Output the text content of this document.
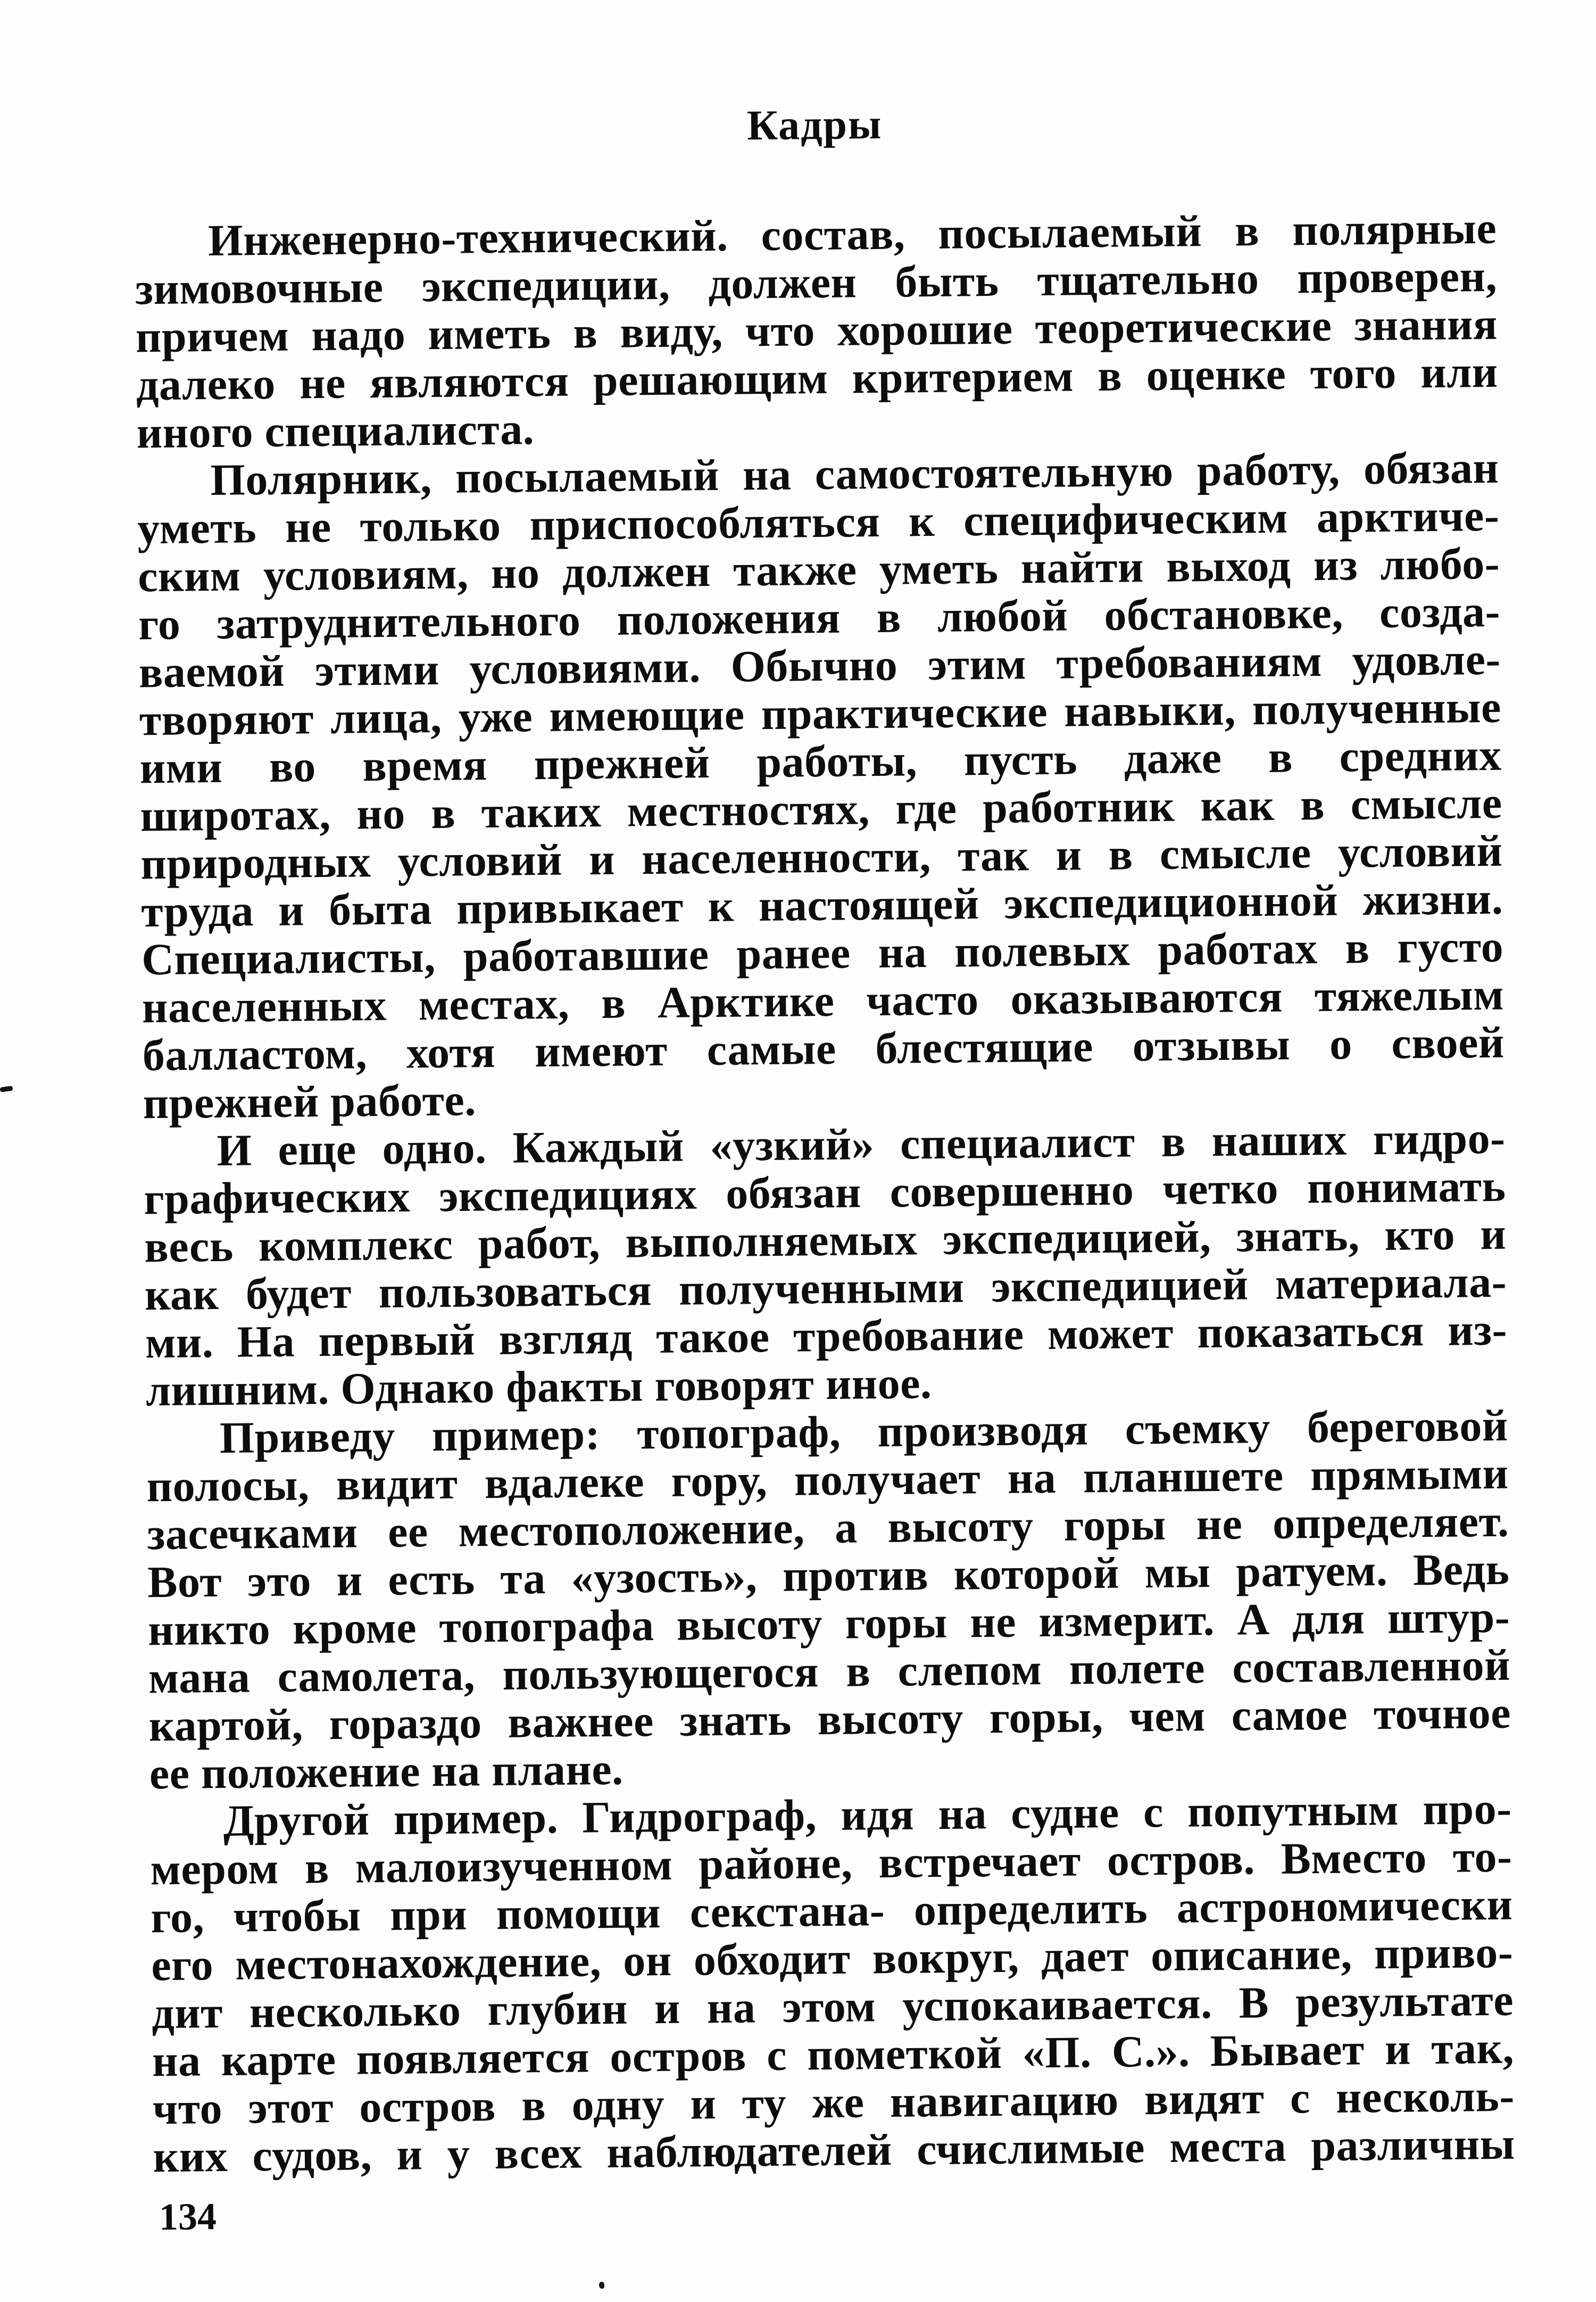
Кадры

Инженерно-технический. состав, посылаемый в полярные
зимовочные экспедиции, должен быть тщательно проверен,
причем надо иметь в виду, что хорошие теоретические знания
далеко не являются решающим критерием в оценке того или
иного специалиста.

Полярник, посылаемый на самостоятельную работу, обязан
уметь не только приспособляться к специфическим арктиче-
ским условиям, но должен также уметь найти выход из любо-
го затруднительного положения в любой обстановке, созда-
ваемой этими условиями. Обычно этим требованиям удовле-
творяют лица, уже имеющие практические навыки, полученные
ими во время прежней работы, пусть даже в средних
широтах, но в таких местностях, где работник как в смысле
природных условий и населенности, так и в смысле условий
труда и быта привыкает к настоящей экспедиционной жизни.
Специалисты, работавшие ранее на полевых работах в густо
населенных местах, в Арктике часто оказываются тяжелым
балластом, хотя имеют самые блестящие отзывы о своей
прежней работе.

И еще одно. Каждый «узкий» специалист в наших гидро-
графических экспедициях обязан совершенно четко понимать
весь комплекс работ, выполняемых экспедицией, знать, кто и
как будет пользоваться полученными экспедицией материала-
ми. На первый взгляд такое требование может показаться из-
лишним. Однако факты говорят иное.

Приведу пример: топограф, производя съемку береговой
полосы, видит вдалеке гору, получает на планшете прямыми
засечками ее местоположение, а высоту горы не определяет.
Вот это и есть та «узость», против которой мы ратуем. Ведь
никто кроме топографа высоту горы не измерит. А для штур-
мана самолета, пользующегося в слепом полете составленной
картой, гораздо важнее знать высоту горы, чем самое точное
ее положение на плане.

Другой пример. Гидрограф, идя на судне с попутным про-
мером в малоизученном районе, встречает остров. Вместо то-
го, чтобы при помощи секстана- определить астрономически
его местонахождение, он обходит вокруг, дает описание, приво-
дит несколько глубин и на этом успокаивается. В результате
на карте появляется остров с пометкой «П. С.». Бывает и так,
что этот остров в одну и ту же навигацию видят с несколь-
ких судов, и у всех наблюдателей счислимые места различны

134
